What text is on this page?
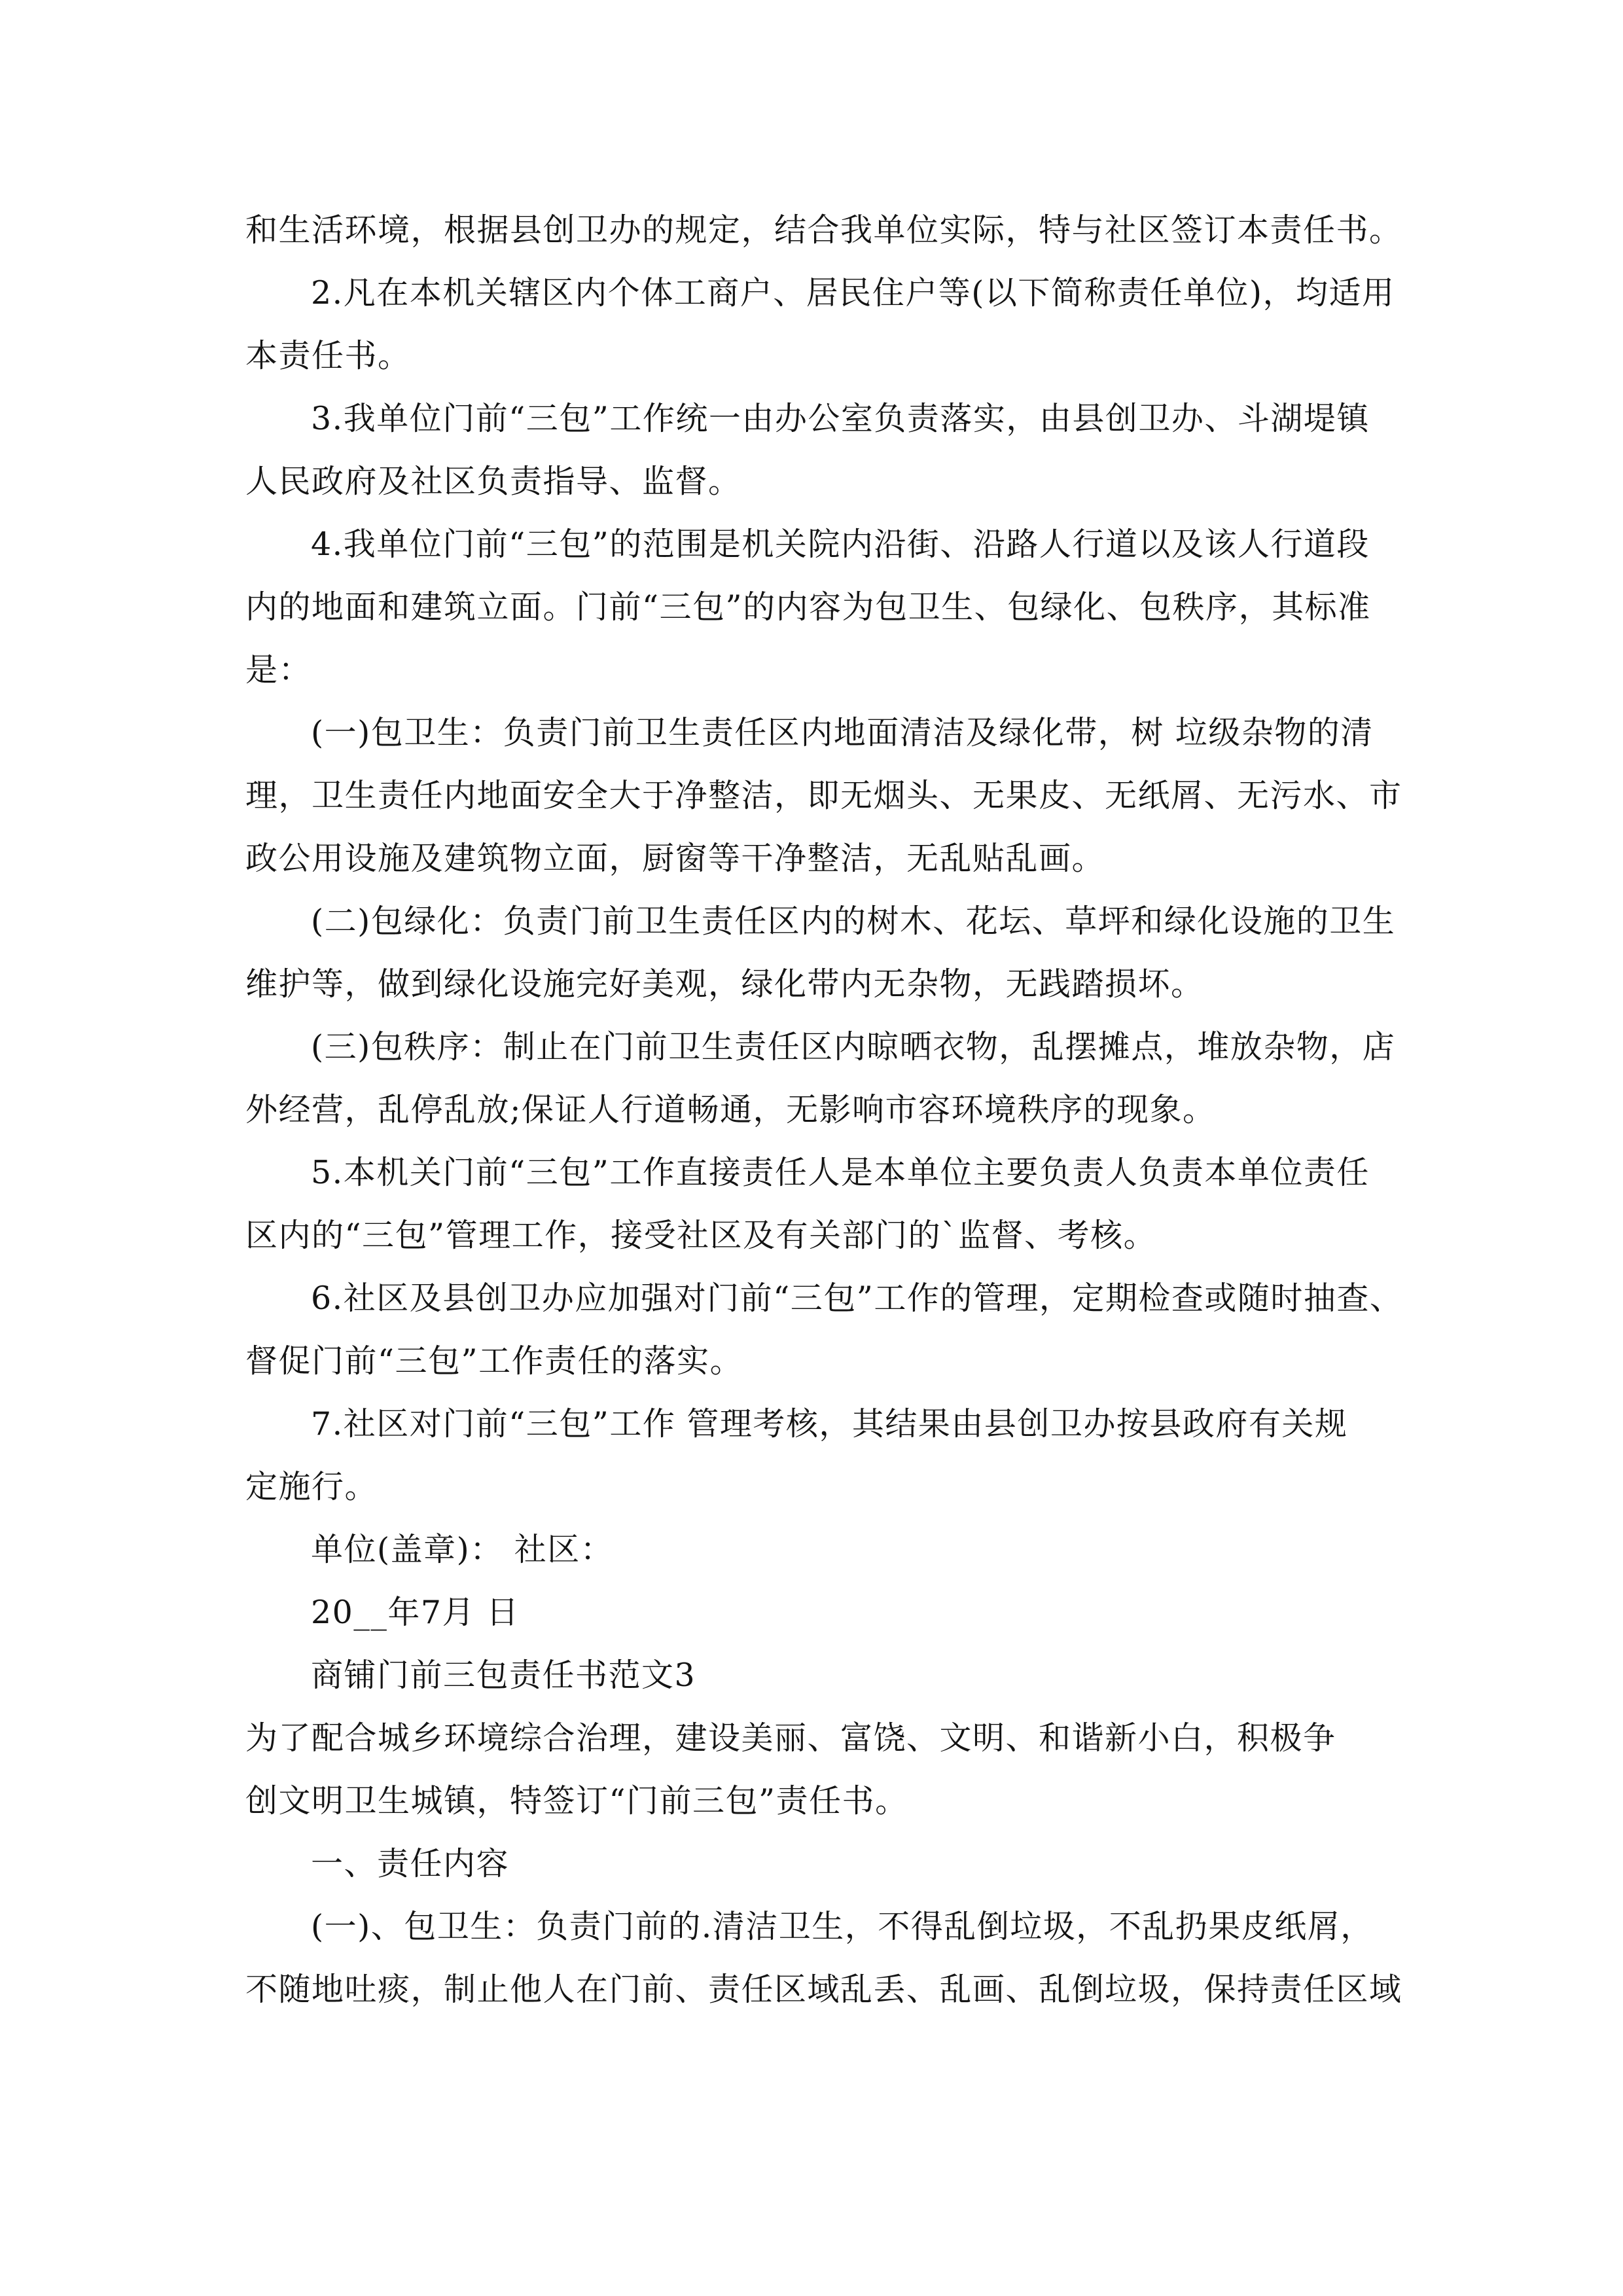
和生活环境，根据县创卫办的规定，结合我单位实际，特与社区签订本责任书。
2.凡在本机关辖区内个体工商户、居民住户等(以下简称责任单位)，均适用
本责任书。
3.我单位门前“三包”工作统一由办公室负责落实，由县创卫办、斗湖堤镇
人民政府及社区负责指导、监督。
4.我单位门前“三包”的范围是机关院内沿街、沿路人行道以及该人行道段
内的地面和建筑立面。门前“三包”的内容为包卫生、包绿化、包秩序，其标准
是：
(一)包卫生：负责门前卫生责任区内地面清洁及绿化带，树 垃级杂物的清
理，卫生责任内地面安全大于净整洁，即无烟头、无果皮、无纸屑、无污水、市
政公用设施及建筑物立面，厨窗等干净整洁，无乱贴乱画。
(二)包绿化：负责门前卫生责任区内的树木、花坛、草坪和绿化设施的卫生
维护等，做到绿化设施完好美观，绿化带内无杂物，无践踏损坏。
(三)包秩序：制止在门前卫生责任区内晾晒衣物，乱摆摊点，堆放杂物，店
外经营，乱停乱放;保证人行道畅通，无影响市容环境秩序的现象。
5.本机关门前“三包”工作直接责任人是本单位主要负责人负责本单位责任
区内的“三包”管理工作，接受社区及有关部门的`监督、考核。
6.社区及县创卫办应加强对门前“三包”工作的管理，定期检查或随时抽查、
督促门前“三包”工作责任的落实。
7.社区对门前“三包”工作 管理考核，其结果由县创卫办按县政府有关规
定施行。
单位(盖章)： 社区：
20__年7月 日
商铺门前三包责任书范文3
为了配合城乡环境综合治理，建设美丽、富饶、文明、和谐新小白，积极争
创文明卫生城镇，特签订“门前三包”责任书。
一、责任内容
(一)、包卫生：负责门前的.清洁卫生，不得乱倒垃圾，不乱扔果皮纸屑，
不随地吐痰，制止他人在门前、责任区域乱丢、乱画、乱倒垃圾，保持责任区域
